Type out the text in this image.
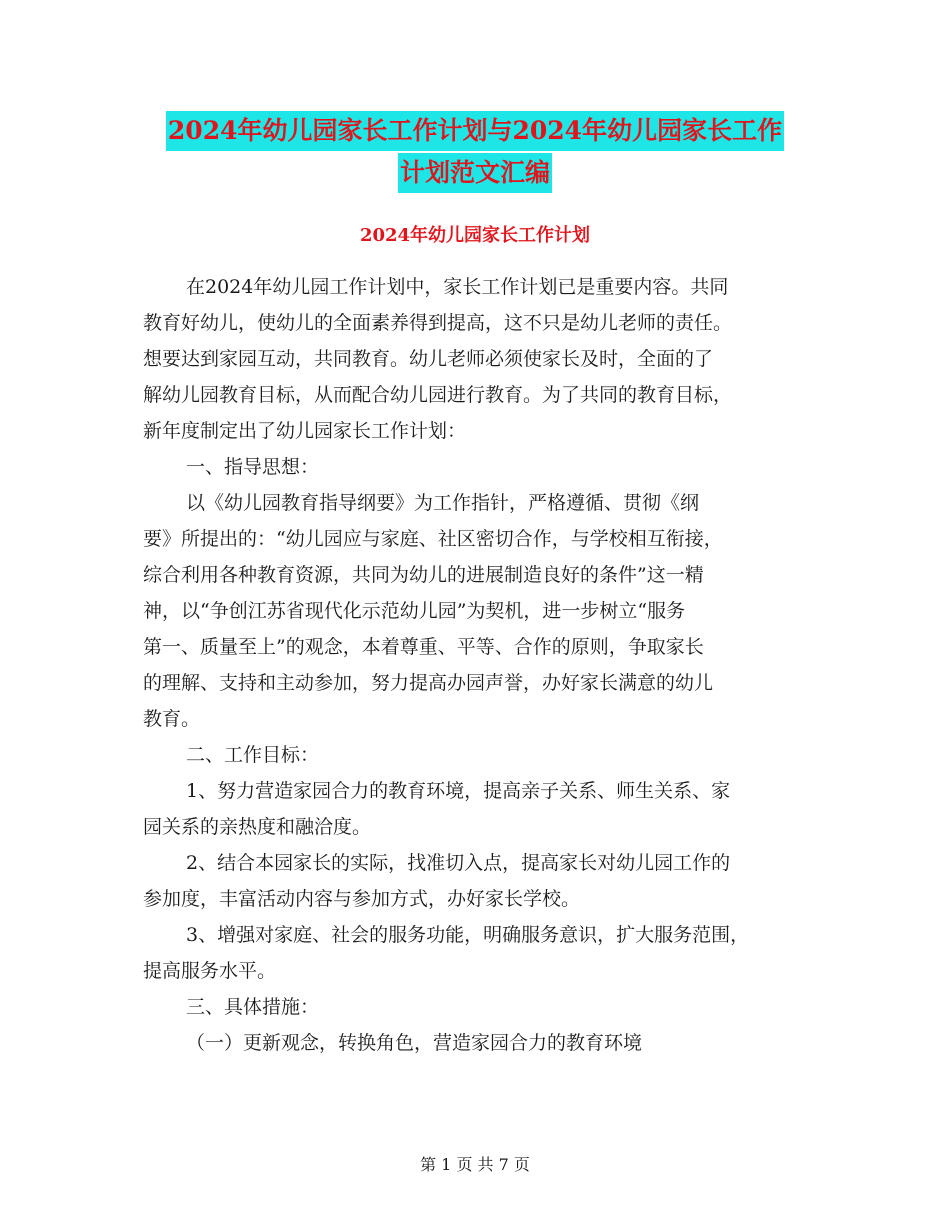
2024年幼儿园家长工作计划与2024年幼儿园家长工作
计划范文汇编
2024年幼儿园家长工作计划
在2024年幼儿园工作计划中，家长工作计划已是重要内容。共同
教育好幼儿，使幼儿的全面素养得到提高，这不只是幼儿老师的责任。
想要达到家园互动，共同教育。幼儿老师必须使家长及时，全面的了
解幼儿园教育目标，从而配合幼儿园进行教育。为了共同的教育目标，
新年度制定出了幼儿园家长工作计划：
一、指导思想：
以《幼儿园教育指导纲要》为工作指针，严格遵循、贯彻《纲
要》所提出的：“幼儿园应与家庭、社区密切合作，与学校相互衔接，
综合利用各种教育资源，共同为幼儿的进展制造良好的条件”这一精
神，以“争创江苏省现代化示范幼儿园”为契机，进一步树立“服务
第一、质量至上”的观念，本着尊重、平等、合作的原则，争取家长
的理解、支持和主动参加，努力提高办园声誉，办好家长满意的幼儿
教育。
二、工作目标：
1、努力营造家园合力的教育环境，提高亲子关系、师生关系、家
园关系的亲热度和融洽度。
2、结合本园家长的实际，找准切入点，提高家长对幼儿园工作的
参加度，丰富活动内容与参加方式，办好家长学校。
3、增强对家庭、社会的服务功能，明确服务意识，扩大服务范围，
提高服务水平。
三、具体措施：
（一）更新观念，转换角色，营造家园合力的教育环境
第 1 页 共 7 页
